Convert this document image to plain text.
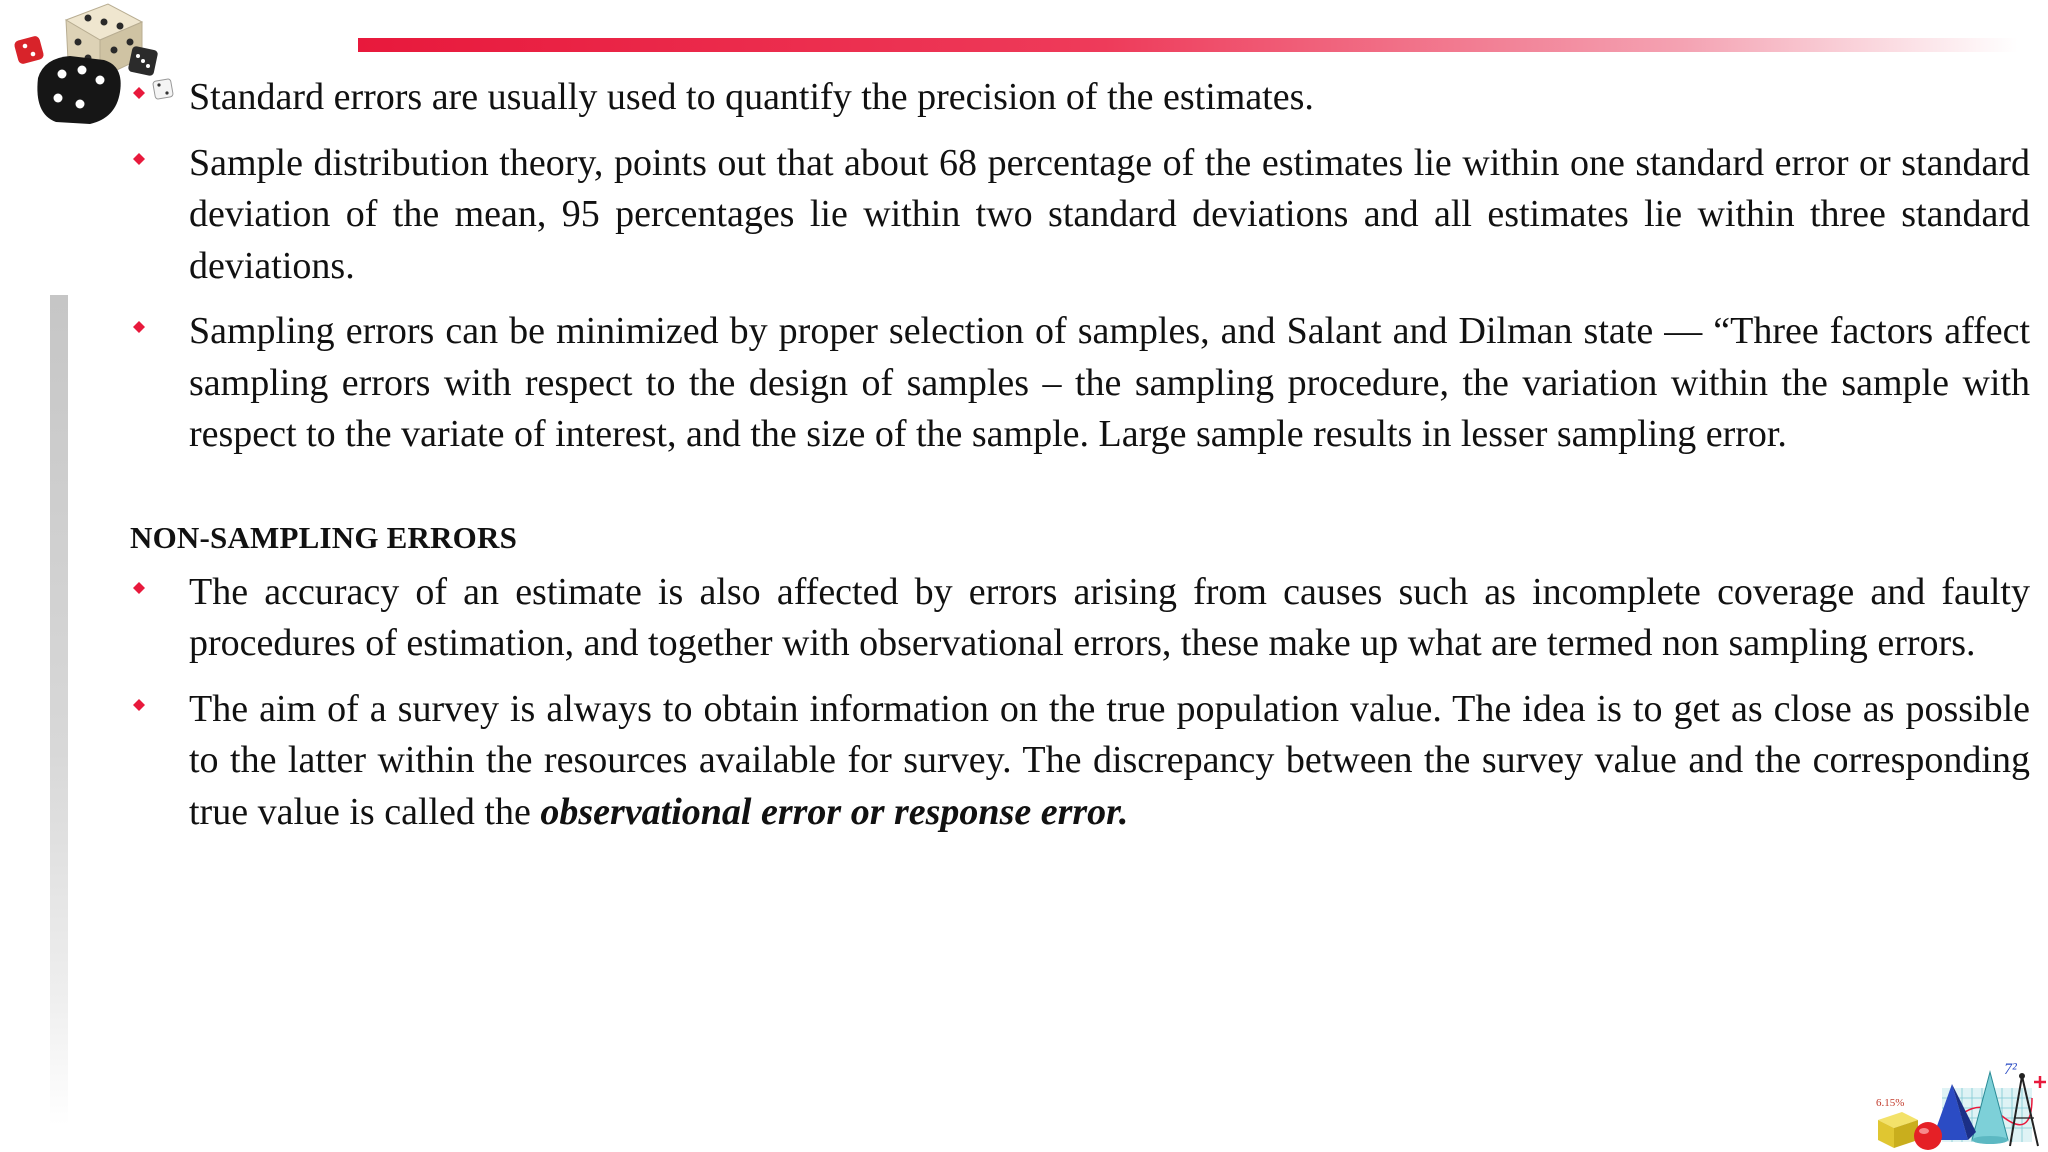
Standard errors are usually used to quantify the precision of the estimates.
Sample distribution theory, points out that about 68 percentage of the estimates lie within one standard error or standard deviation of the mean, 95 percentages lie within two standard deviations and all estimates lie within three standard deviations.
Sampling errors can be minimized by proper selection of samples, and Salant and Dilman state — “Three factors affect sampling errors with respect to the design of samples – the sampling procedure, the variation within the sample with respect to the variate of interest, and the size of the sample. Large sample results in lesser sampling error.
NON-SAMPLING ERRORS
The accuracy of an estimate is also affected by errors arising from causes such as incomplete coverage and faulty procedures of estimation, and together with observational errors, these make up what are termed non sampling errors.
The aim of a survey is always to obtain information on the true population value. The idea is to get as close as possible to the latter within the resources available for survey. The discrepancy between the survey value and the corresponding true value is called the observational error or response error.
6.15%
7²
